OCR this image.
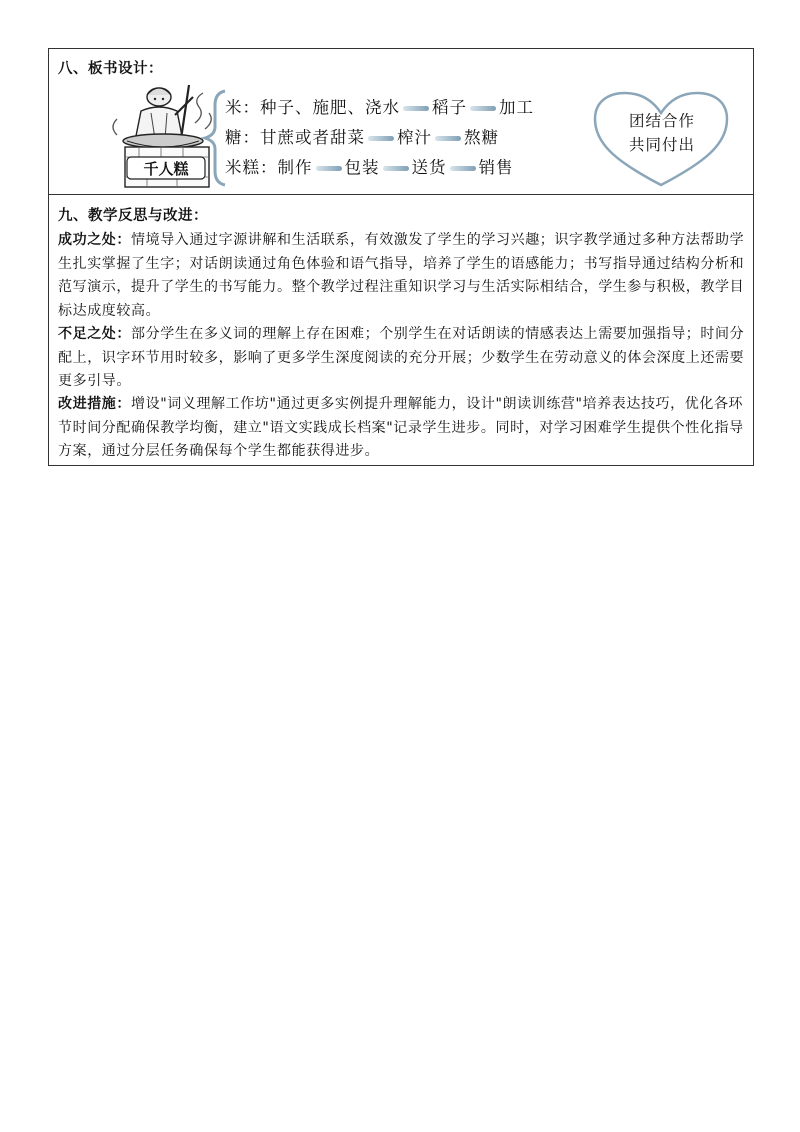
八、板书设计：
千人糕
米：种子、施肥、浇水 稻子 加工
糖：甘蔗或者甜菜 榨汁 熬糖
米糕：制作 包装 送货 销售
团结合作
共同付出
九、教学反思与改进：
成功之处：情境导入通过字源讲解和生活联系，有效激发了学生的学习兴趣；识字教学通过多种方法帮助学生扎实掌握了生字；对话朗读通过角色体验和语气指导，培养了学生的语感能力；书写指导通过结构分析和范写演示，提升了学生的书写能力。整个教学过程注重知识学习与生活实际相结合，学生参与积极，教学目标达成度较高。
不足之处：部分学生在多义词的理解上存在困难；个别学生在对话朗读的情感表达上需要加强指导；时间分配上，识字环节用时较多，影响了更多学生深度阅读的充分开展；少数学生在劳动意义的体会深度上还需要更多引导。
改进措施：增设"词义理解工作坊"通过更多实例提升理解能力，设计"朗读训练营"培养表达技巧，优化各环节时间分配确保教学均衡，建立"语文实践成长档案"记录学生进步。同时，对学习困难学生提供个性化指导方案，通过分层任务确保每个学生都能获得进步。
